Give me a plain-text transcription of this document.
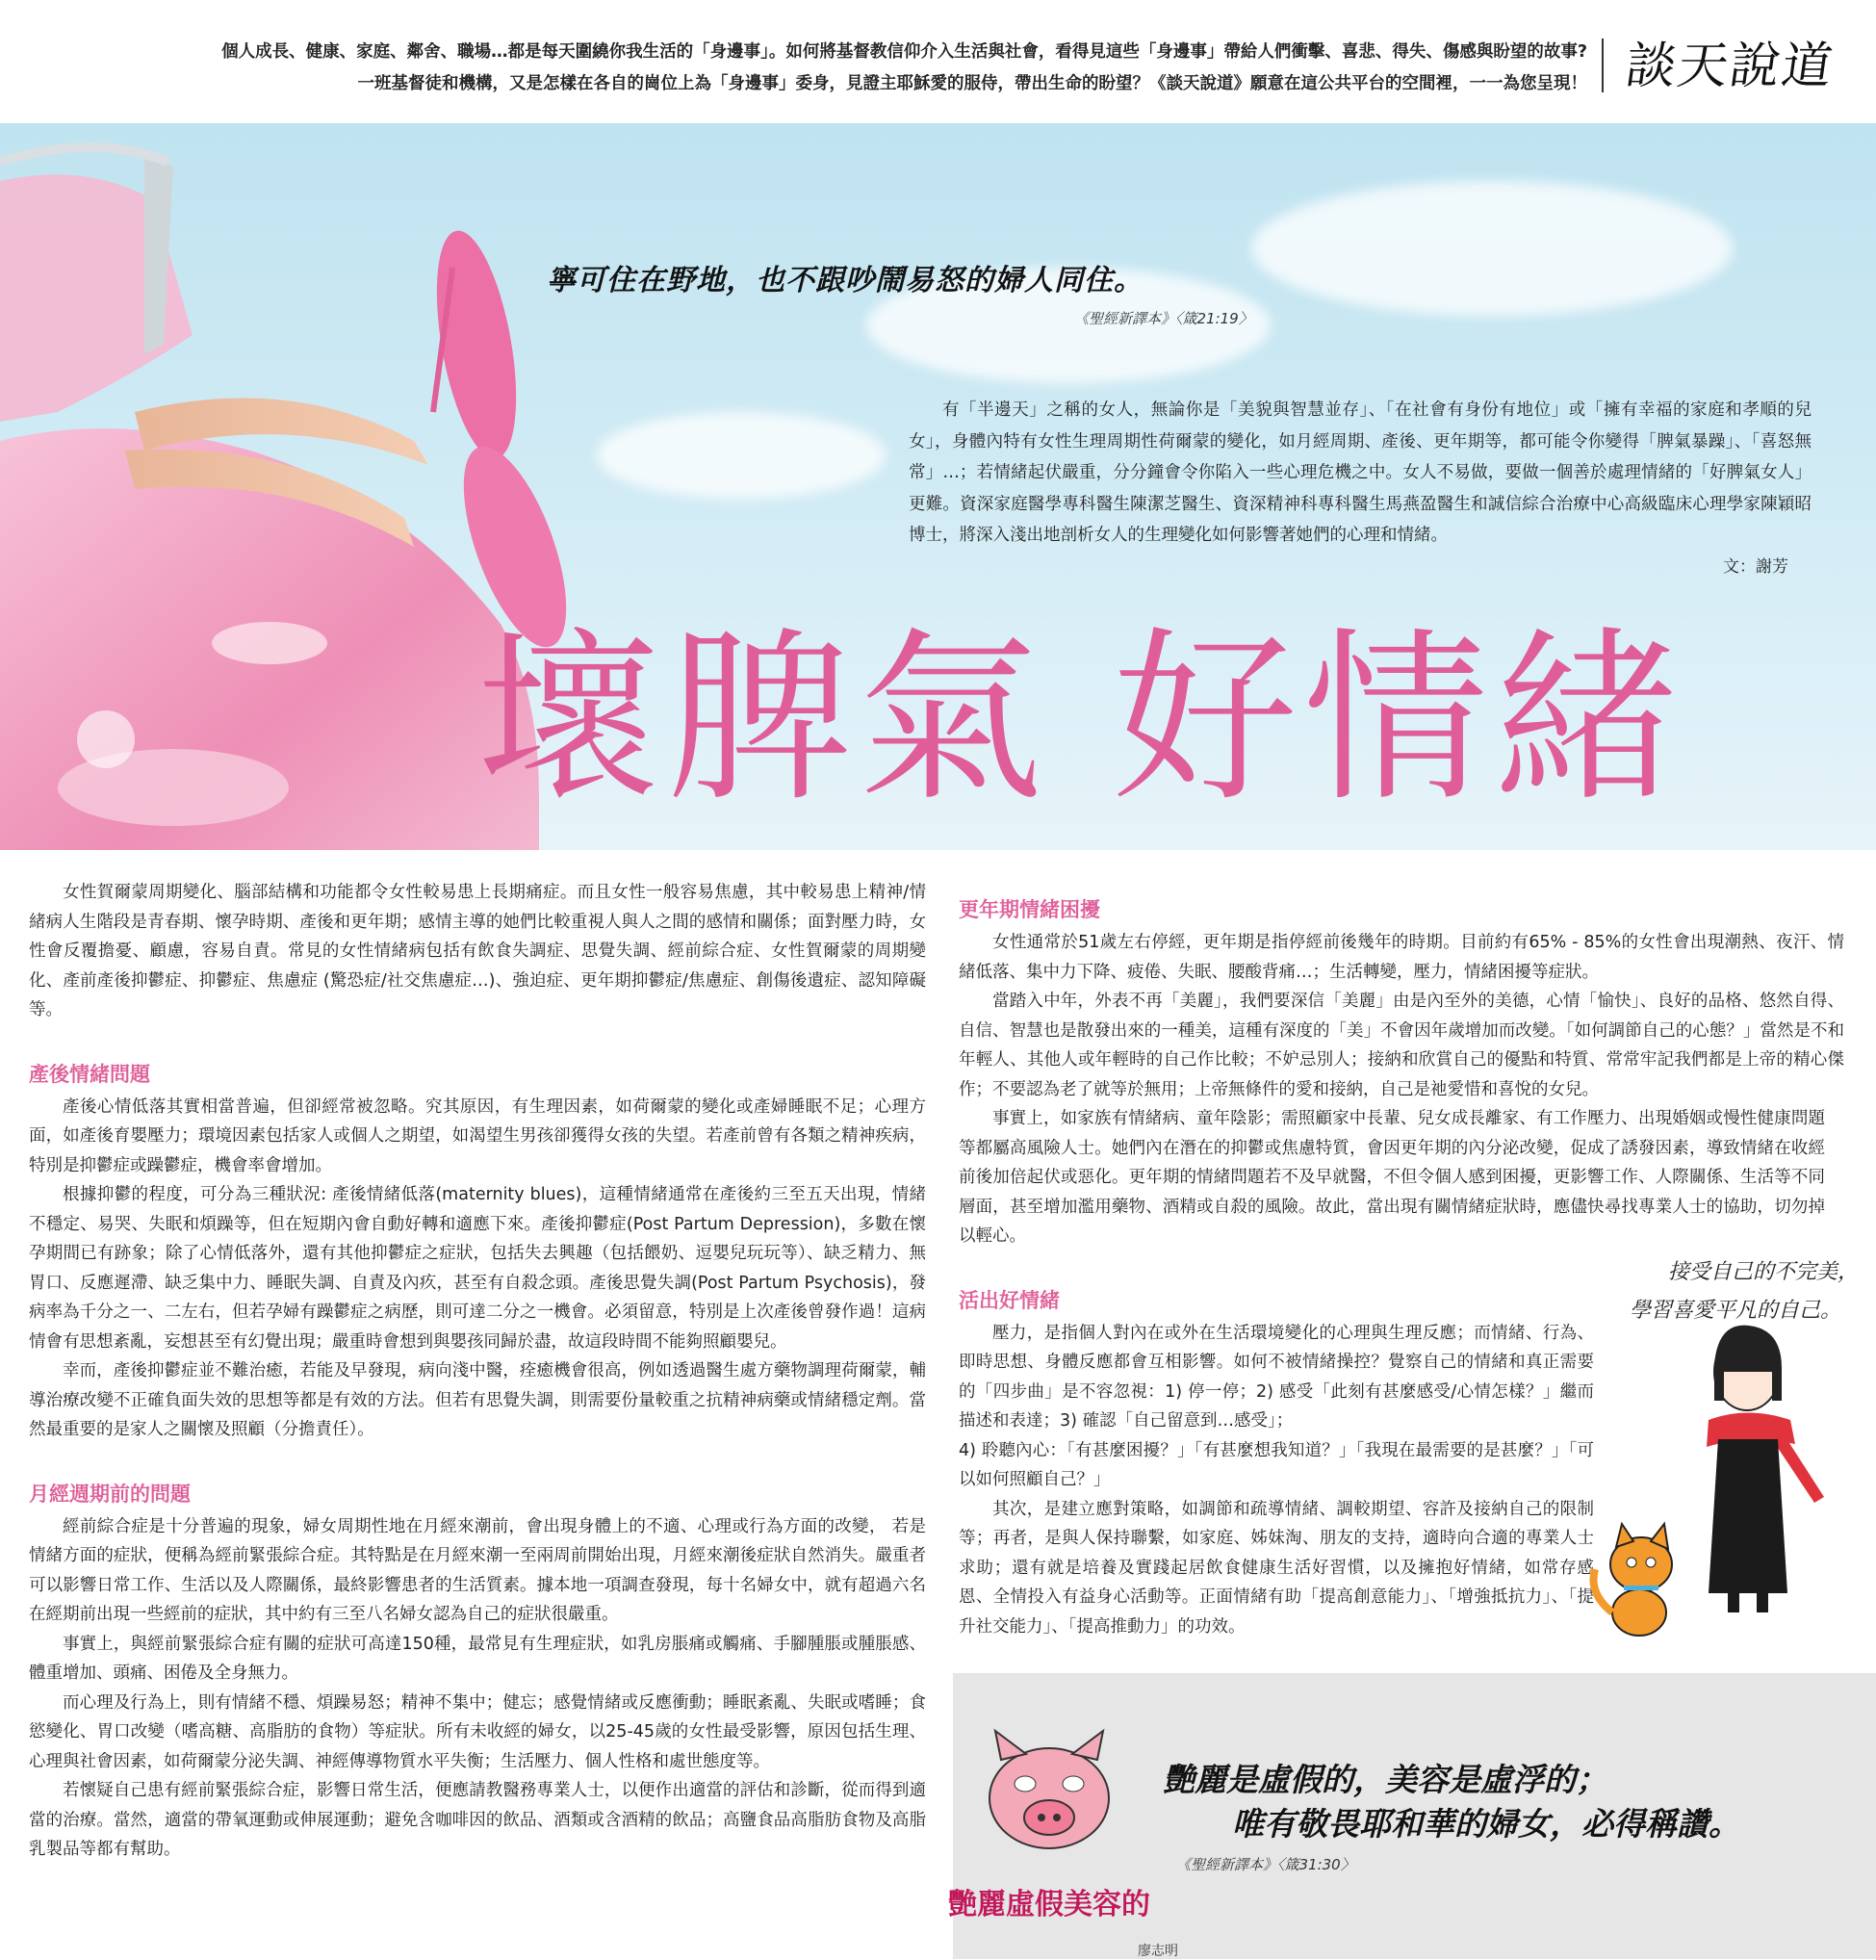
個人成長、健康、家庭、鄰舍、職場…都是每天圍繞你我生活的「身邊事」。如何將基督教信仰介入生活與社會，看得見這些「身邊事」帶給人們衝擊、喜悲、得失、傷感與盼望的故事?
一班基督徒和機構，又是怎樣在各自的崗位上為「身邊事」委身，見證主耶穌愛的服侍，帶出生命的盼望？《談天說道》願意在這公共平台的空間裡，一一為您呈現！ 談天說道
寧可住在野地，也不跟吵鬧易怒的婦人同住。
《聖經新譯本》〈箴21:19〉

有「半邊天」之稱的女人，無論你是「美貌與智慧並存」、「在社會有身份有地位」或「擁有幸福的家庭和孝順的兒女」，身體內特有女性生理周期性荷爾蒙的變化，如月經周期、產後、更年期等，都可能令你變得「脾氣暴躁」、「喜怒無常」…；若情緒起伏嚴重，分分鐘會令你陷入一些心理危機之中。女人不易做，要做一個善於處理情緒的「好脾氣女人」更難。資深家庭醫學專科醫生陳潔芝醫生、資深精神科專科醫生馬燕盈醫生和誠信綜合治療中心高級臨床心理學家陳穎昭博士，將深入淺出地剖析女人的生理變化如何影響著她們的心理和情緒。

文：謝芳
壞脾氣 好情緒

女性賀爾蒙周期變化、腦部結構和功能都令女性較易患上長期痛症。而且女性一般容易焦慮，其中較易患上精神/情緒病人生階段是青春期、懷孕時期、產後和更年期；感情主導的她們比較重視人與人之間的感情和關係；面對壓力時，女性會反覆擔憂、顧慮，容易自責。常見的女性情緒病包括有飲食失調症、思覺失調、經前綜合症、女性賀爾蒙的周期變化、產前產後抑鬱症、抑鬱症、焦慮症 (驚恐症/社交焦慮症…)、強迫症、更年期抑鬱症/焦慮症、創傷後遺症、認知障礙等。

產後情緒問題

產後心情低落其實相當普遍，但卻經常被忽略。究其原因，有生理因素，如荷爾蒙的變化或產婦睡眠不足；心理方面，如產後育嬰壓力；環境因素包括家人或個人之期望，如渴望生男孩卻獲得女孩的失望。若產前曾有各類之精神疾病，特別是抑鬱症或躁鬱症，機會率會增加。

根據抑鬱的程度，可分為三種狀況: 產後情緒低落(maternity blues)，這種情緒通常在產後約三至五天出現，情緒不穩定、易哭、失眠和煩躁等，但在短期內會自動好轉和適應下來。產後抑鬱症(Post Partum Depression)，多數在懷孕期間已有跡象；除了心情低落外，還有其他抑鬱症之症狀，包括失去興趣（包括餵奶、逗嬰兒玩玩等）、缺乏精力、無胃口、反應遲滯、缺乏集中力、睡眠失調、自責及內疚，甚至有自殺念頭。產後思覺失調(Post Partum Psychosis)，發病率為千分之一、二左右，但若孕婦有躁鬱症之病歷，則可達二分之一機會。必須留意，特別是上次產後曾發作過！這病情會有思想紊亂，妄想甚至有幻覺出現；嚴重時會想到與嬰孩同歸於盡，故這段時間不能夠照顧嬰兒。

幸而，產後抑鬱症並不難治癒，若能及早發現，病向淺中醫，痊癒機會很高，例如透過醫生處方藥物調理荷爾蒙，輔導治療改變不正確負面失效的思想等都是有效的方法。但若有思覺失調，則需要份量較重之抗精神病藥或情緒穩定劑。當然最重要的是家人之關懷及照顧（分擔責任）。

月經週期前的問題

經前綜合症是十分普遍的現象，婦女周期性地在月經來潮前，會出現身體上的不適、心理或行為方面的改變， 若是情緒方面的症狀，便稱為經前緊張綜合症。其特點是在月經來潮一至兩周前開始出現，月經來潮後症狀自然消失。嚴重者可以影響日常工作、生活以及人際關係，最終影響患者的生活質素。據本地一項調查發現，每十名婦女中，就有超過六名在經期前出現一些經前的症狀，其中約有三至八名婦女認為自己的症狀很嚴重。

事實上，與經前緊張綜合症有關的症狀可高達150種，最常見有生理症狀，如乳房脹痛或觸痛、手腳腫脹或腫脹感、體重增加、頭痛、困倦及全身無力。

而心理及行為上，則有情緒不穩、煩躁易怒；精神不集中；健忘；感覺情緒或反應衝動；睡眠紊亂、失眠或嗜睡；食慾變化、胃口改變（嗜高糖、高脂肪的食物）等症狀。所有未收經的婦女，以25-45歲的女性最受影響，原因包括生理、心理與社會因素，如荷爾蒙分泌失調、神經傳導物質水平失衡；生活壓力、個人性格和處世態度等。

若懷疑自己患有經前緊張綜合症，影響日常生活，便應請教醫務專業人士，以便作出適當的評估和診斷，從而得到適當的治療。當然，適當的帶氧運動或伸展運動；避免含咖啡因的飲品、酒類或含酒精的飲品；高鹽食品高脂肪食物及高脂乳製品等都有幫助。

更年期情緒困擾

女性通常於51歲左右停經，更年期是指停經前後幾年的時期。目前約有65% - 85%的女性會出現潮熱、夜汗、情緒低落、集中力下降、疲倦、失眠、腰酸背痛…；生活轉變，壓力，情緒困擾等症狀。

當踏入中年，外表不再「美麗」，我們要深信「美麗」由是內至外的美德，心情「愉快」、良好的品格、悠然自得、自信、智慧也是散發出來的一種美，這種有深度的「美」不會因年歲增加而改變。「如何調節自己的心態？」當然是不和年輕人、其他人或年輕時的自己作比較；不妒忌別人；接納和欣賞自己的優點和特質、常常牢記我們都是上帝的精心傑作；不要認為老了就等於無用；上帝無條件的愛和接納，自己是祂愛惜和喜悅的女兒。

事實上，如家族有情緒病、童年陰影；需照顧家中長輩、兒女成長離家、有工作壓力、出現婚姻或慢性健康問題等都屬高風險人士。她們內在潛在的抑鬱或焦慮特質，會因更年期的內分泌改變，促成了誘發因素，導致情緒在收經前後加倍起伏或惡化。更年期的情緒問題若不及早就醫，不但令個人感到困擾，更影響工作、人際關係、生活等不同層面，甚至增加濫用藥物、酒精或自殺的風險。故此，當出現有關情緒症狀時，應儘快尋找專業人士的協助，切勿掉以輕心。

活出好情緒

壓力，是指個人對內在或外在生活環境變化的心理與生理反應；而情緒、行為、即時思想、身體反應都會互相影響。如何不被情緒操控？覺察自己的情緒和真正需要的「四步曲」是不容忽視：1) 停一停；2) 感受「此刻有甚麼感受/心情怎樣？」繼而描述和表達；3) 確認「自己留意到…感受」；

4) 聆聽內心：「有甚麼困擾？」「有甚麼想我知道？」「我現在最需要的是甚麼？」「可以如何照顧自己？」

其次，是建立應對策略，如調節和疏導情緒、調較期望、容許及接納自己的限制等；再者，是與人保持聯繫，如家庭、姊妹淘、朋友的支持，適時向合適的專業人士求助；還有就是培養及實踐起居飲食健康生活好習慣，以及擁抱好情緒，如常存感恩、全情投入有益身心活動等。正面情緒有助「提高創意能力」、「增強抵抗力」、「提升社交能力」、「提高推動力」的功效。

接受自己的不完美，
學習喜愛平凡的自己。
艷麗虛假美容的
艷麗是虛假的，美容是虛浮的；
唯有敬畏耶和華的婦女，必得稱讚。
《聖經新譯本》〈箴31:30〉
廖志明
